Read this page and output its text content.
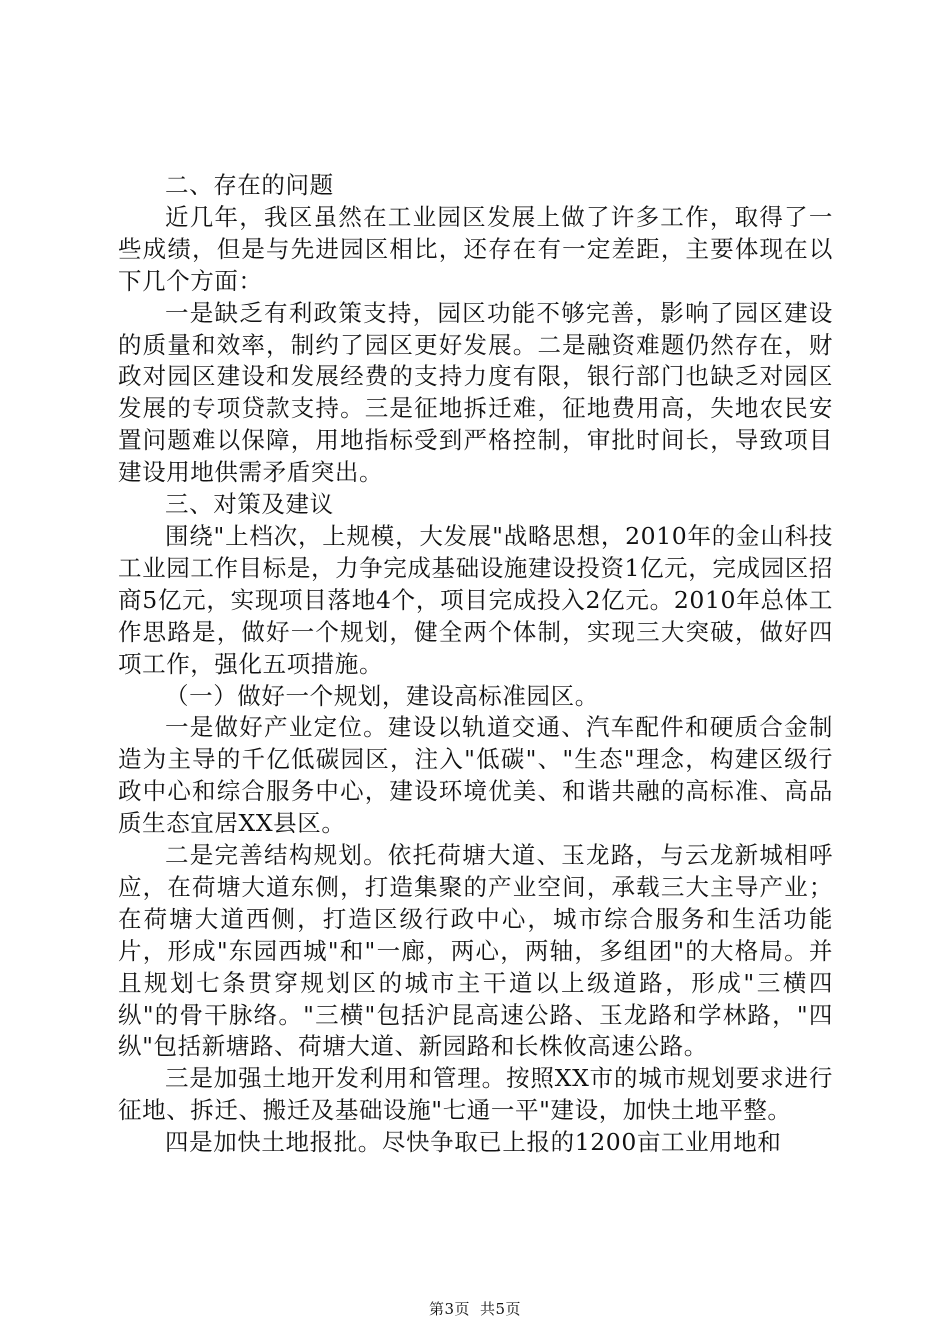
二、存在的问题

近几年，我区虽然在工业园区发展上做了许多工作，取得了一些成绩，但是与先进园区相比，还存在有一定差距，主要体现在以下几个方面：

一是缺乏有利政策支持，园区功能不够完善，影响了园区建设的质量和效率，制约了园区更好发展。二是融资难题仍然存在，财政对园区建设和发展经费的支持力度有限，银行部门也缺乏对园区发展的专项贷款支持。三是征地拆迁难，征地费用高，失地农民安置问题难以保障，用地指标受到严格控制，审批时间长，导致项目建设用地供需矛盾突出。

三、对策及建议

围绕"上档次，上规模，大发展"战略思想，2010年的金山科技工业园工作目标是，力争完成基础设施建设投资1亿元，完成园区招商5亿元，实现项目落地4个，项目完成投入2亿元。2010年总体工作思路是，做好一个规划，健全两个体制，实现三大突破，做好四项工作，强化五项措施。

（一）做好一个规划，建设高标准园区。

一是做好产业定位。建设以轨道交通、汽车配件和硬质合金制造为主导的千亿低碳园区，注入"低碳"、"生态"理念，构建区级行政中心和综合服务中心，建设环境优美、和谐共融的高标准、高品质生态宜居XX县区。

二是完善结构规划。依托荷塘大道、玉龙路，与云龙新城相呼应，在荷塘大道东侧，打造集聚的产业空间，承载三大主导产业；在荷塘大道西侧，打造区级行政中心，城市综合服务和生活功能片，形成"东园西城"和"一廊，两心，两轴，多组团"的大格局。并且规划七条贯穿规划区的城市主干道以上级道路，形成"三横四纵"的骨干脉络。"三横"包括沪昆高速公路、玉龙路和学林路，"四纵"包括新塘路、荷塘大道、新园路和长株攸高速公路。

三是加强土地开发利用和管理。按照XX市的城市规划要求进行征地、拆迁、搬迁及基础设施"七通一平"建设，加快土地平整。

四是加快土地报批。尽快争取已上报的1200亩工业用地和

第3页 共5页
